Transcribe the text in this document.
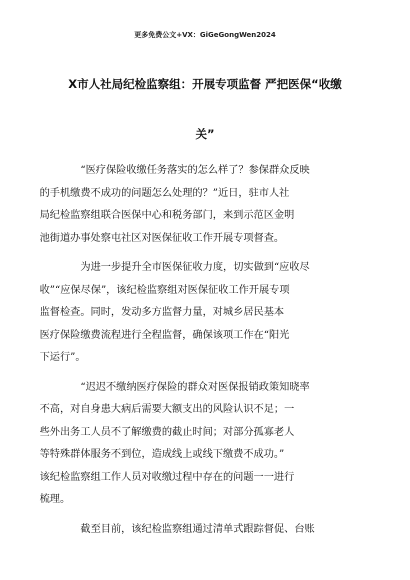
更多免费公文+VX：GiGeGongWen2024
X市人社局纪检监察组：开展专项监督 严把医保“收缴
关”
“医疗保险收缴任务落实的怎么样了？参保群众反映
的手机缴费不成功的问题怎么处理的？”近日，驻市人社
局纪检监察组联合医保中心和税务部门，来到示范区金明
池街道办事处察屯社区对医保征收工作开展专项督查。
为进一步提升全市医保征收力度，切实做到“应收尽
收”“应保尽保”，该纪检监察组对医保征收工作开展专项
监督检查。同时，发动多方监督力量，对城乡居民基本
医疗保险缴费流程进行全程监督，确保该项工作在“阳光
下运行”。
“迟迟不缴纳医疗保险的群众对医保报销政策知晓率
不高，对自身患大病后需要大额支出的风险认识不足；一
些外出务工人员不了解缴费的截止时间；对部分孤寡老人
等特殊群体服务不到位，造成线上或线下缴费不成功。”
该纪检监察组工作人员对收缴过程中存在的问题一一进行
梳理。
截至目前，该纪检监察组通过清单式跟踪督促、台账
